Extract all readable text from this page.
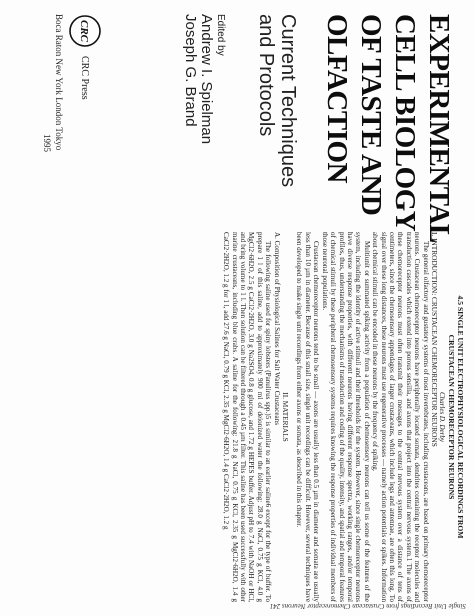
EXPERIMENTAL
CELL BIOLOGY
OF TASTE AND
OLFACTION
Current Techniques
and Protocols
Edited by
Andrew I. Spielman
Joseph G. Brand
CRC
CRC Press
Boca Raton New York London Tokyo
1995

4.5 SINGLE UNIT ELECTROPHYSIOLOGICAL RECORDINGS FROM

CRUSTACEAN CHEMORECEPTOR NEURONS

Charles D. Derby

I. INTRODUCTION: CRUSTACEAN CHEMORECEPTOR NEURONS

The general olfactory and gustatory systems of most invertebrates, including crustaceans, are based on primary chemoreceptor neurons. Crustacean chemoreceptor neurons have peripherally located somata, dendrites containing the receptor molecules and transduction cascades which extend into porous sensilla, and axons that project into the central nervous system.1 The axons of these chemoreceptor neurons must often transmit their messages to the central nervous system over a distance of tens of centimeters, since the chemosensory appendages of larger crustaceans, which include legs and antennae, are often this long. To signal over these long distances, these neurons must use regenerative processes — namely action potentials or spikes. Information about chemical stimuli can be encoded in these neurons by the frequency of spiking.

Multiunit or summated spiking activity from a population of chemosensory neurons can tell us some of the features of the system, including the identity of active stimuli and their thresholds for the system. However, since single chemoreceptor neurons have diverse response properties, with different neurons having different response spectra, working ranges, and/or temporal profiles, thus, understanding the mechanisms of transduction and coding of the quality, intensity, and spatial and temporal features of chemical stimuli by these peripheral chemosensory systems requires knowing the response properties of individual members of those neuronal populations.

Crustacean chemoreceptor neurons tend to be small — axons are usually less than 0.5 µm in diameter and somata are usually less than 10 µm in diameter. Because of this small size, single unit recordings can be difficult. However, several techniques have been developed to make single unit recordings from either axons or somata, as described in this chapter.

II. MATERIALS

A. Composition of Physiological Salines for Salt Water Crustaceans

The following saline used for spiny lobsters (Panulirus spp.)5 is similar to an earlier saline6 except for the type of buffer. To prepare 1 l of this saline, add to approximately 900 ml of deionized water the following: 28.0 g NaCl, 0.75 g KCl, 4.0 g MgCl2·6H2O, 2.5 g CaCl2·2H2O, 3.0 g Na2SO4, 0.8 g glucose, and 1.72 g HEPES buffer. Adjust pH to 7.4 with NaOH or HCl, and bring volume to 1 l. Then solution can be filtered through a 0.45 µm filter. This saline has been used successfully with other marine crustaceans, including blue crabs. A saline for the following: 21.8 g NaCl, 0.75 g KCl, 2.35 g MgCl2·6H2O, 1.4 g CaCl2·2H2O, 1.2 g for 1 l, add 27.6 g NaCl, 0.79 g KCl, 2.35 g MgCl2·6H2O, 1.4 g CaCl2·2H2O, 1.2 g

Single Unit Recordings from Crustacean Chemoreceptor Neurons 241
